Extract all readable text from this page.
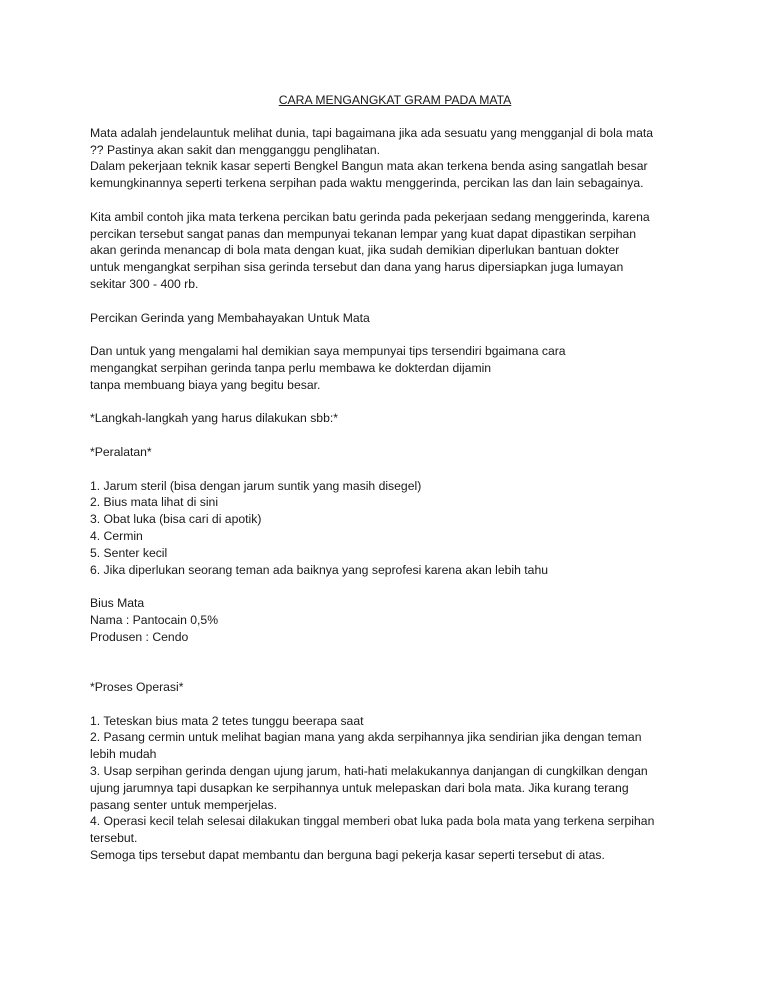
CARA MENGANGKAT GRAM PADA MATA
Mata adalah jendelauntuk melihat dunia, tapi bagaimana jika ada sesuatu yang mengganjal di bola mata
?? Pastinya akan sakit dan mengganggu penglihatan.
Dalam pekerjaan teknik kasar seperti Bengkel Bangun mata akan terkena benda asing sangatlah besar
kemungkinannya seperti terkena serpihan pada waktu menggerinda, percikan las dan lain sebagainya.
Kita ambil contoh jika mata terkena percikan batu gerinda pada pekerjaan sedang menggerinda, karena
percikan tersebut sangat panas dan mempunyai tekanan lempar yang kuat dapat dipastikan serpihan
akan gerinda menancap di bola mata dengan kuat, jika sudah demikian diperlukan bantuan dokter
untuk mengangkat serpihan sisa gerinda tersebut dan dana yang harus dipersiapkan juga lumayan
sekitar 300 - 400 rb.
Percikan Gerinda yang Membahayakan Untuk Mata
Dan untuk yang mengalami hal demikian saya mempunyai tips tersendiri bgaimana cara
mengangkat serpihan gerinda tanpa perlu membawa ke dokterdan dijamin
tanpa membuang biaya yang begitu besar.
*Langkah-langkah yang harus dilakukan sbb:*
*Peralatan*
1. Jarum steril (bisa dengan jarum suntik yang masih disegel)
2. Bius mata lihat di sini
3. Obat luka (bisa cari di apotik)
4. Cermin
5. Senter kecil
6. Jika diperlukan seorang teman ada baiknya yang seprofesi karena akan lebih tahu
Bius Mata
Nama : Pantocain 0,5%
Produsen : Cendo
*Proses Operasi*
1. Teteskan bius mata 2 tetes tunggu beerapa saat
2. Pasang cermin untuk melihat bagian mana yang akda serpihannya jika sendirian jika dengan teman
lebih mudah
3. Usap serpihan gerinda dengan ujung jarum, hati-hati melakukannya danjangan di cungkilkan dengan
ujung jarumnya tapi dusapkan ke serpihannya untuk melepaskan dari bola mata. Jika kurang terang
pasang senter untuk memperjelas.
4. Operasi kecil telah selesai dilakukan tinggal memberi obat luka pada bola mata yang terkena serpihan
tersebut.
Semoga tips tersebut dapat membantu dan berguna bagi pekerja kasar seperti tersebut di atas.
